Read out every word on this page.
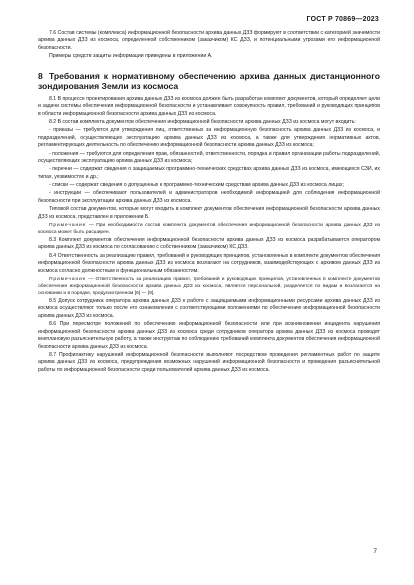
ГОСТ Р 70869—2023

7.6 Состав системы (комплекса) информационной безопасности архива данных ДЗЗ формируют в соответствии с категорией значимости архива данных ДЗЗ из космоса, определенной собственником (заказчиком) КС ДЗЗ, и потенциальными угрозами его информационной безопасности.

Примеры средств защиты информации приведены в приложении А.

8 Требования к нормативному обеспечению архива данных дистанционного зондирования Земли из космоса

8.1 В процессе проектирования архива данных ДЗЗ из космоса должен быть разработан комплект документов, который определяет цели и задачи системы обеспечения информационной безопасности и устанавливает совокупность правил, требований и руководящих принципов в области информационной безопасности архива данных ДЗЗ из космоса.

8.2 В состав комплекта документов обеспечения информационной безопасности архива данных ДЗЗ из космоса могут входить:

- приказы — требуются для утверждения лиц, ответственных за информационную безопасность архива данных ДЗЗ из космоса, и подразделений, осуществляющих эксплуатацию архива данных ДЗЗ из космоса, а также для утверждения нормативных актов, регламентирующих деятельность по обеспечению информационной безопасности архива данных ДЗЗ из космоса;

- положения — требуются для определения прав, обязанностей, ответственности, порядка и правил организации работы подразделений, осуществляющих эксплуатацию архива данных ДЗЗ из космоса;

- перечни — содержат сведения о защищаемых программно-технических средствах архива данных ДЗЗ из космоса, имеющихся СЗИ, их типах, уязвимостях и др.;

- списки — содержат сведения о допущенных к программно-техническим средствам архива данных ДЗЗ из космоса лицах;

- инструкции — обеспечивают пользователей и администраторов необходимой информацией для соблюдения информационной безопасности при эксплуатации архива данных ДЗЗ из космоса.

Типовой состав документов, которые могут входить в комплект документов обеспечения информационной безопасности архива данных ДЗЗ из космоса, представлен в приложении Б.

Примечание — При необходимости состав комплекта документов обеспечения информационной безопасности архива данных ДЗЗ из космоса может быть расширен.

8.3 Комплект документов обеспечения информационной безопасности архива данных ДЗЗ из космоса разрабатывается оператором архива данных ДЗЗ из космоса по согласованию с собственником (заказчиком) КС ДЗЗ.

8.4 Ответственность за реализацию правил, требований и руководящих принципов, установленных в комплекте документов обеспечения информационной безопасности архива данных ДЗЗ из космоса возлагают на сотрудников, взаимодействующих с архивом данных ДЗЗ из космоса согласно должностным и функциональным обязанностям.

Примечание — Ответственность за реализацию правил, требований и руководящих принципов, установленных в комплекте документов обеспечения информационной безопасности архива данных ДЗЗ из космоса, является персональной, разделяется по видам и возлагается на основании и в порядке, предусмотренном [6] — [9].

8.5 Допуск сотрудника оператора архива данных ДЗЗ к работе с защищаемыми информационными ресурсами архива данных ДЗЗ из космоса осуществляют только после его ознакомления с соответствующими положениями по обеспечению информационной безопасности архива данных ДЗЗ из космоса.

8.6 При пересмотре положений по обеспечению информационной безопасности или при возникновении инцидента нарушения информационной безопасности архива данных ДЗЗ из космоса среди сотрудников оператора архива данных ДЗЗ из космоса проводят внеплановую разъяснительную работу, а также инструктаж по соблюдению требований комплекта документов обеспечения информационной безопасности архива данных ДЗЗ из космоса.

8.7 Профилактику нарушений информационной безопасности выполняют посредством проведения регламентных работ по защите архива данных ДЗЗ из космоса, предупреждения возможных нарушений информационной безопасности и проведения разъяснительной работы по информационной безопасности среди пользователей архива данных ДЗЗ из космоса.

7
